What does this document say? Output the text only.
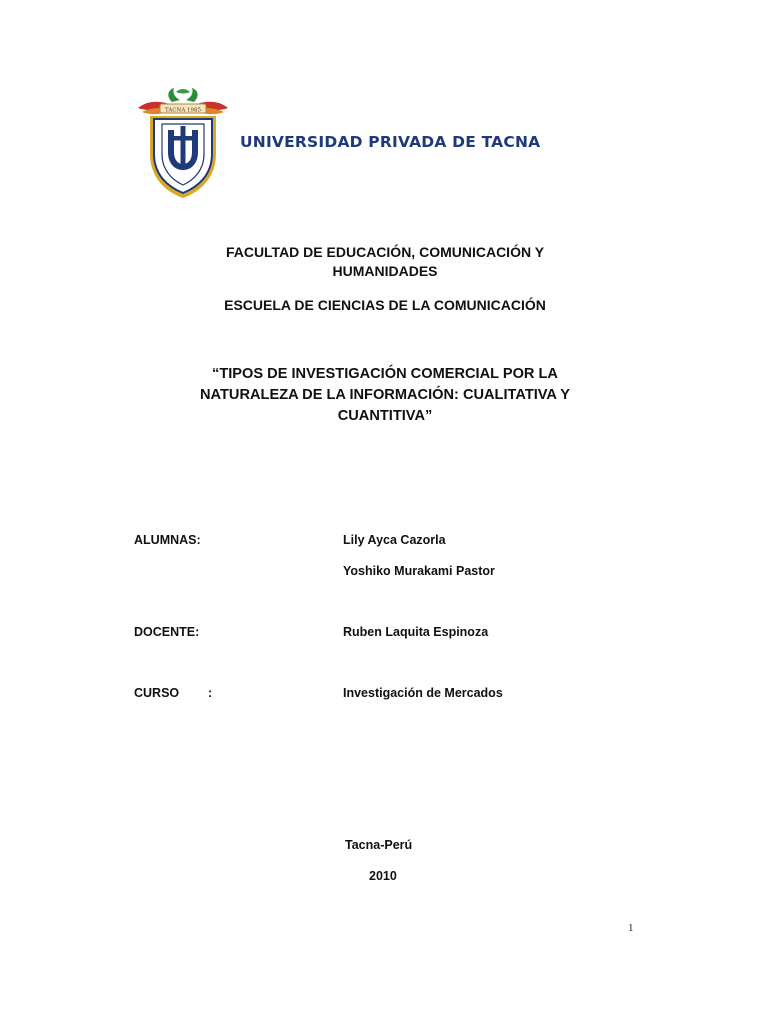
TACNA 1985
UNIVERSIDAD PRIVADA DE TACNA
FACULTAD DE EDUCACIÓN, COMUNICACIÓN Y
HUMANIDADES
ESCUELA DE CIENCIAS DE LA COMUNICACIÓN
“TIPOS DE INVESTIGACIÓN COMERCIAL POR LA
NATURALEZA DE LA INFORMACIÓN: CUALITATIVA Y
CUANTITIVA”
ALUMNAS:	Lily Ayca Cazorla
Yoshiko Murakami Pastor
DOCENTE:	Ruben Laquita Espinoza
CURSO :	Investigación de Mercados
Tacna-Perú
2010
1
